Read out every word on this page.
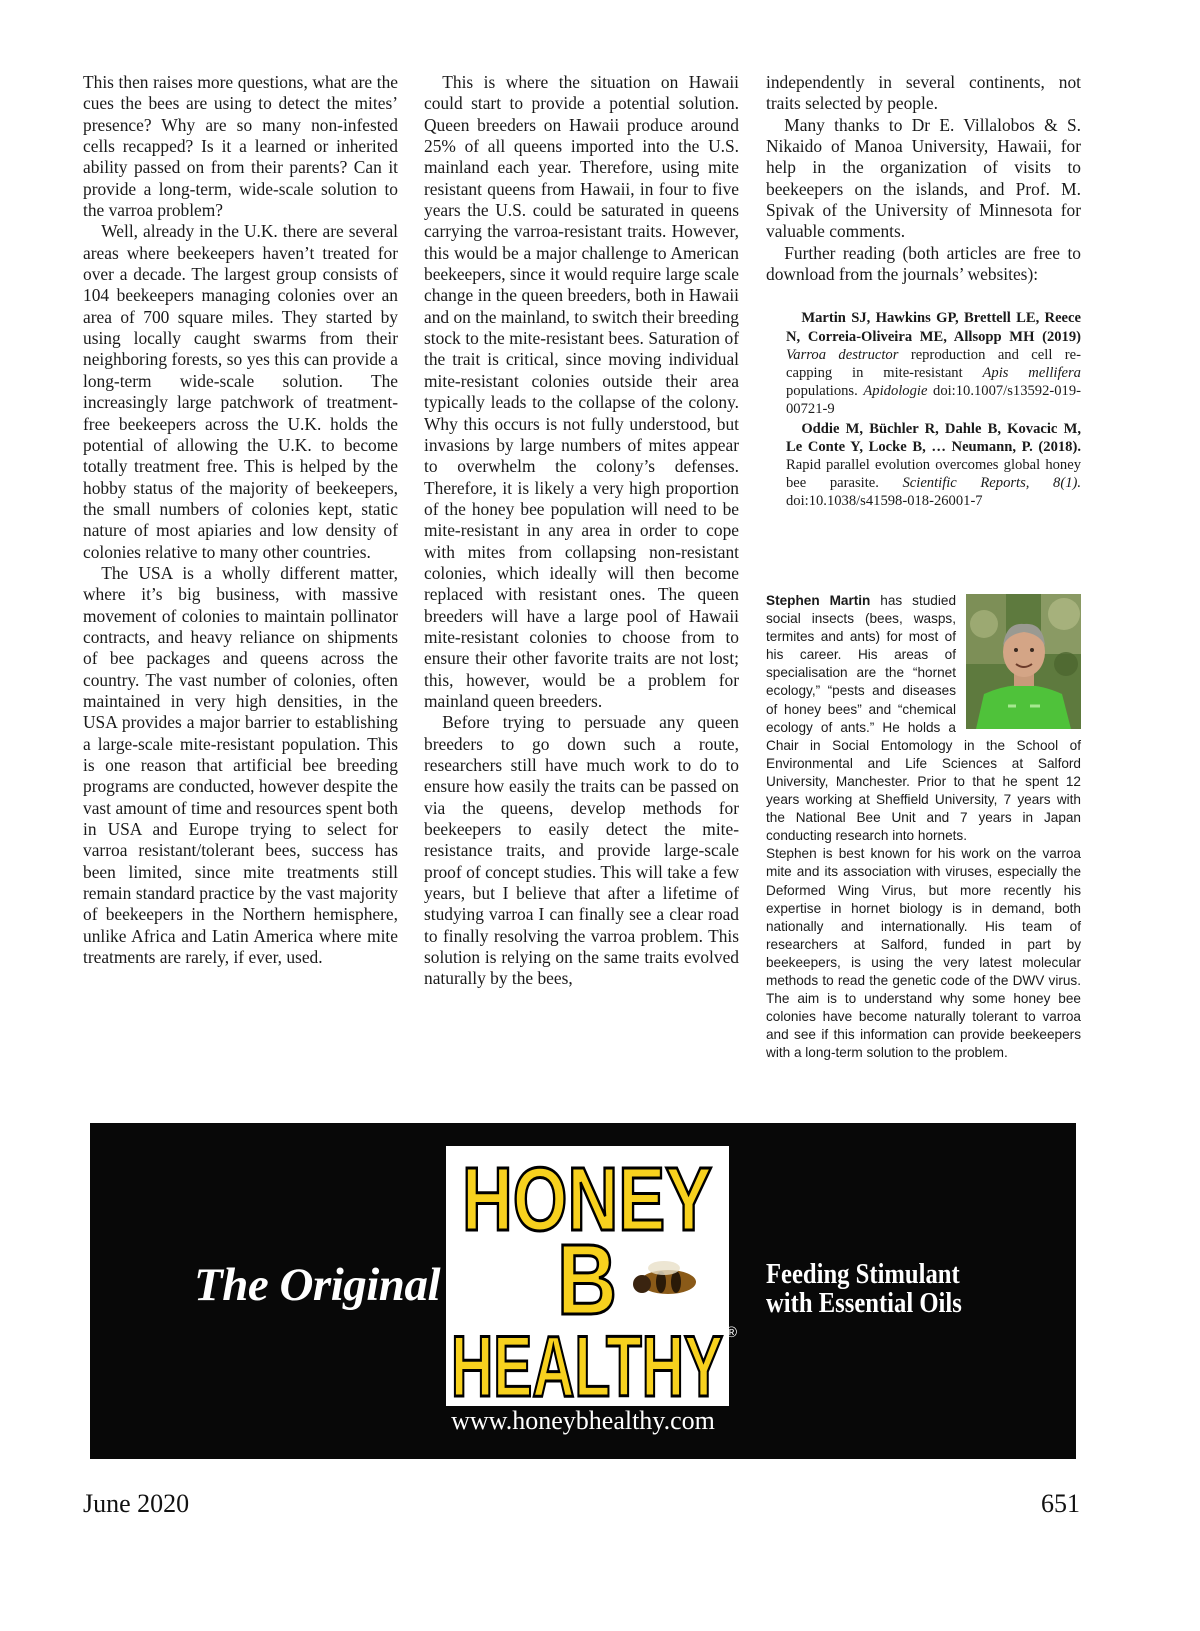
This then raises more questions, what are the cues the bees are using to detect the mites’ presence? Why are so many non-infested cells recapped? Is it a learned or inherited ability passed on from their parents? Can it provide a long-term, wide-scale solution to the varroa problem?

Well, already in the U.K. there are several areas where beekeepers haven’t treated for over a decade. The largest group consists of 104 beekeepers managing colonies over an area of 700 square miles. They started by using locally caught swarms from their neighboring forests, so yes this can provide a long-term wide-scale solution. The increasingly large patchwork of treatment-free beekeepers across the U.K. holds the potential of allowing the U.K. to become totally treatment free. This is helped by the hobby status of the majority of beekeepers, the small numbers of colonies kept, static nature of most apiaries and low density of colonies relative to many other countries.

The USA is a wholly different matter, where it’s big business, with massive movement of colonies to maintain pollinator contracts, and heavy reliance on shipments of bee packages and queens across the country. The vast number of colonies, often maintained in very high densities, in the USA provides a major barrier to establishing a large-scale mite-resistant population. This is one reason that artificial bee breeding programs are conducted, however despite the vast amount of time and resources spent both in USA and Europe trying to select for varroa resistant/tolerant bees, success has been limited, since mite treatments still remain standard practice by the vast majority of beekeepers in the Northern hemisphere, unlike Africa and Latin America where mite treatments are rarely, if ever, used.

This is where the situation on Hawaii could start to provide a potential solution. Queen breeders on Hawaii produce around 25% of all queens imported into the U.S. mainland each year. Therefore, using mite resistant queens from Hawaii, in four to five years the U.S. could be saturated in queens carrying the varroa-resistant traits. However, this would be a major challenge to American beekeepers, since it would require large scale change in the queen breeders, both in Hawaii and on the mainland, to switch their breeding stock to the mite-resistant bees. Saturation of the trait is critical, since moving individual mite-resistant colonies outside their area typically leads to the collapse of the colony. Why this occurs is not fully understood, but invasions by large numbers of mites appear to overwhelm the colony’s defenses. Therefore, it is likely a very high proportion of the honey bee population will need to be mite-resistant in any area in order to cope with mites from collapsing non-resistant colonies, which ideally will then become replaced with resistant ones. The queen breeders will have a large pool of Hawaii mite-resistant colonies to choose from to ensure their other favorite traits are not lost; this, however, would be a problem for mainland queen breeders.

Before trying to persuade any queen breeders to go down such a route, researchers still have much work to do to ensure how easily the traits can be passed on via the queens, develop methods for beekeepers to easily detect the mite-resistance traits, and provide large-scale proof of concept studies. This will take a few years, but I believe that after a lifetime of studying varroa I can finally see a clear road to finally resolving the varroa problem. This solution is relying on the same traits evolved naturally by the bees,

independently in several continents, not traits selected by people.

Many thanks to Dr E. Villalobos & S. Nikaido of Manoa University, Hawaii, for help in the organization of visits to beekeepers on the islands, and Prof. M. Spivak of the University of Minnesota for valuable comments.

Further reading (both articles are free to download from the journals’ websites):

Martin SJ, Hawkins GP, Brettell LE, Reece N, Correia-Oliveira ME, Allsopp MH (2019) Varroa destructor reproduction and cell re-capping in mite-resistant Apis mellifera populations. Apidologie doi:10.1007/s13592-019-00721-9

Oddie M, Büchler R, Dahle B, Kovacic M, Le Conte Y, Locke B, … Neumann, P. (2018). Rapid parallel evolution overcomes global honey bee parasite. Scientific Reports, 8(1). doi:10.1038/s41598-018-26001-7

Stephen Martin has studied social insects (bees, wasps, termites and ants) for most of his career. His areas of specialisation are the “hornet ecology,” “pests and diseases of honey bees” and “chemical ecology of ants.” He holds a Chair in Social Entomology in the School of Environmental and Life Sciences at Salford University, Manchester. Prior to that he spent 12 years working at Sheffield University, 7 years with the National Bee Unit and 7 years in Japan conducting research into hornets.
Stephen is best known for his work on the varroa mite and its association with viruses, especially the Deformed Wing Virus, but more recently his expertise in hornet biology is in demand, both nationally and internationally. His team of researchers at Salford, funded in part by beekeepers, is using the very latest molecular methods to read the genetic code of the DWV virus. The aim is to understand why some honey bee colonies have become naturally tolerant to varroa and see if this information can provide beekeepers with a long-term solution to the problem.
The Original
HONEY
B
HEALTHY ®
Feeding Stimulant
with Essential Oils
www.honeybhealthy.com
June 2020	651
